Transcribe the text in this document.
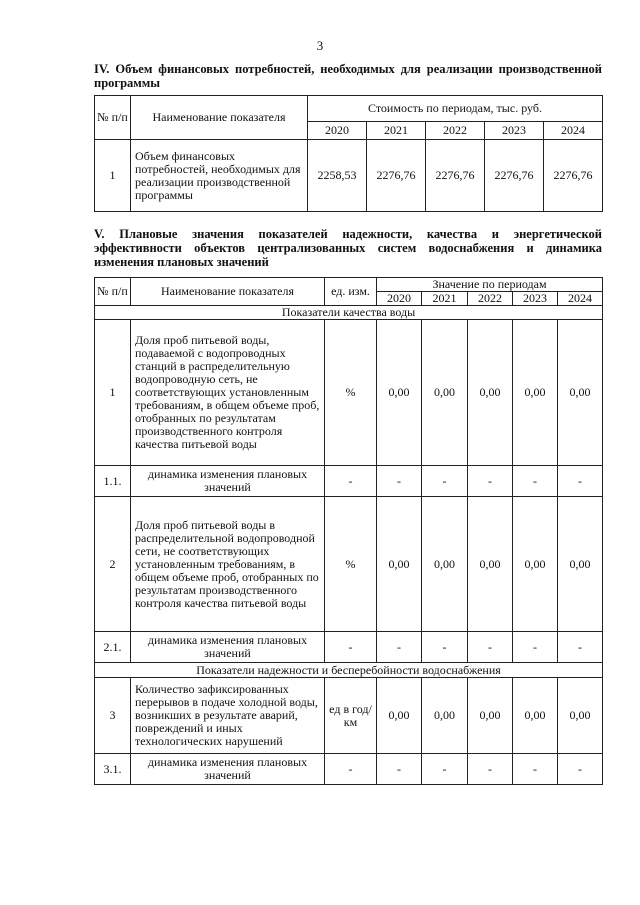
3
IV. Объем финансовых потребностей, необходимых для реализации производственной программы
№ п/п	Наименование показателя	Стоимость по периодам, тыс. руб.				
		2020	2021	2022	2023	2024
1	Объем финансовых потребностей, необходимых для реализации производственной программы	2258,53	2276,76	2276,76	2276,76	2276,76
V. Плановые значения показателей надежности, качества и энергетической эффективности объектов централизованных систем водоснабжения и динамика изменения плановых значений
№ п/п	Наименование показателя	ед. изм.	Значение по периодам				
			2020	2021	2022	2023	2024
Показатели качества воды							
1	Доля проб питьевой воды, подаваемой с водопроводных станций в распределительную водопроводную сеть, не соответствующих установленным требованиям, в общем объеме проб, отобранных по результатам производственного контроля качества питьевой воды	%	0,00	0,00	0,00	0,00	0,00
1.1.	динамика изменения плановых значений	-	-	-	-	-	-
2	Доля проб питьевой воды в распределительной водопроводной сети, не соответствующих установленным требованиям, в общем объеме проб, отобранных по результатам производственного контроля качества питьевой воды	%	0,00	0,00	0,00	0,00	0,00
2.1.	динамика изменения плановых значений	-	-	-	-	-	-
Показатели надежности и бесперебойности водоснабжения							
3	Количество зафиксированных перерывов в подаче холодной воды, возникших в результате аварий, повреждений и иных технологических нарушений	ед в год/ км	0,00	0,00	0,00	0,00	0,00
3.1.	динамика изменения плановых значений	-	-	-	-	-	-
